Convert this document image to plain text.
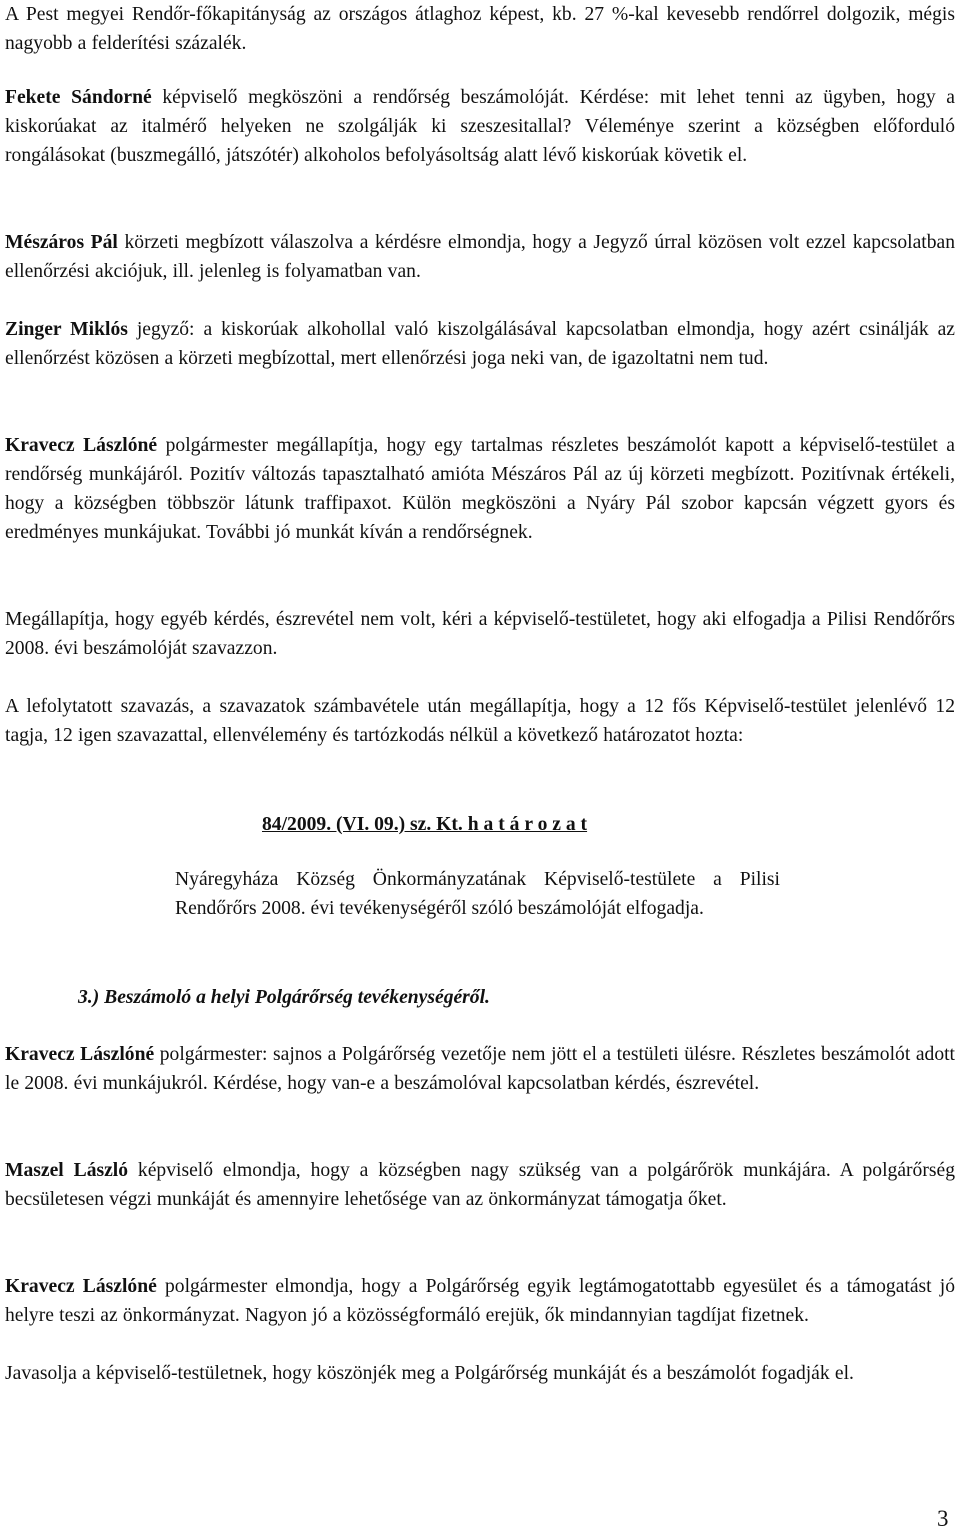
A Pest megyei Rendőr-főkapitányság az országos átlaghoz képest, kb. 27 %-kal kevesebb rendőrrel dolgozik, mégis nagyobb a felderítési százalék.

Fekete Sándorné képviselő megköszöni a rendőrség beszámolóját. Kérdése: mit lehet tenni az ügyben, hogy a kiskorúakat az italmérő helyeken ne szolgálják ki szeszesitallal? Véleménye szerint a községben előforduló rongálásokat (buszmegálló, játszótér) alkoholos befolyásoltság alatt lévő kiskorúak követik el.

Mészáros Pál körzeti megbízott válaszolva a kérdésre elmondja, hogy a Jegyző úrral közösen volt ezzel kapcsolatban ellenőrzési akciójuk, ill. jelenleg is folyamatban van.

Zinger Miklós jegyző: a kiskorúak alkohollal való kiszolgálásával kapcsolatban elmondja, hogy azért csinálják az ellenőrzést közösen a körzeti megbízottal, mert ellenőrzési joga neki van, de igazoltatni nem tud.

Kravecz Lászlóné polgármester megállapítja, hogy egy tartalmas részletes beszámolót kapott a képviselő-testület a rendőrség munkájáról. Pozitív változás tapasztalható amióta Mészáros Pál az új körzeti megbízott. Pozitívnak értékeli, hogy a községben többször látunk traffipaxot. Külön megköszöni a Nyáry Pál szobor kapcsán végzett gyors és eredményes munkájukat. További jó munkát kíván a rendőrségnek.

Megállapítja, hogy egyéb kérdés, észrevétel nem volt, kéri a képviselő-testületet, hogy aki elfogadja a Pilisi Rendőrőrs 2008. évi beszámolóját szavazzon.

A lefolytatott szavazás, a szavazatok számbavétele után megállapítja, hogy a 12 fős Képviselő-testület jelenlévő 12 tagja, 12 igen szavazattal, ellenvélemény és tartózkodás nélkül a következő határozatot hozta:

84/2009. (VI. 09.) sz. Kt. h a t á r o z a t

Nyáregyháza Község Önkormányzatának Képviselő-testülete a Pilisi Rendőrőrs 2008. évi tevékenységéről szóló beszámolóját elfogadja.

3.) Beszámoló a helyi Polgárőrség tevékenységéről.

Kravecz Lászlóné polgármester: sajnos a Polgárőrség vezetője nem jött el a testületi ülésre. Részletes beszámolót adott le 2008. évi munkájukról. Kérdése, hogy van-e a beszámolóval kapcsolatban kérdés, észrevétel.

Maszel László képviselő elmondja, hogy a községben nagy szükség van a polgárőrök munkájára. A polgárőrség becsületesen végzi munkáját és amennyire lehetősége van az önkormányzat támogatja őket.

Kravecz Lászlóné polgármester elmondja, hogy a Polgárőrség egyik legtámogatottabb egyesület és a támogatást jó helyre teszi az önkormányzat. Nagyon jó a közösségformáló erejük, ők mindannyian tagdíjat fizetnek.

Javasolja a képviselő-testületnek, hogy köszönjék meg a Polgárőrség munkáját és a beszámolót fogadják el.

3
